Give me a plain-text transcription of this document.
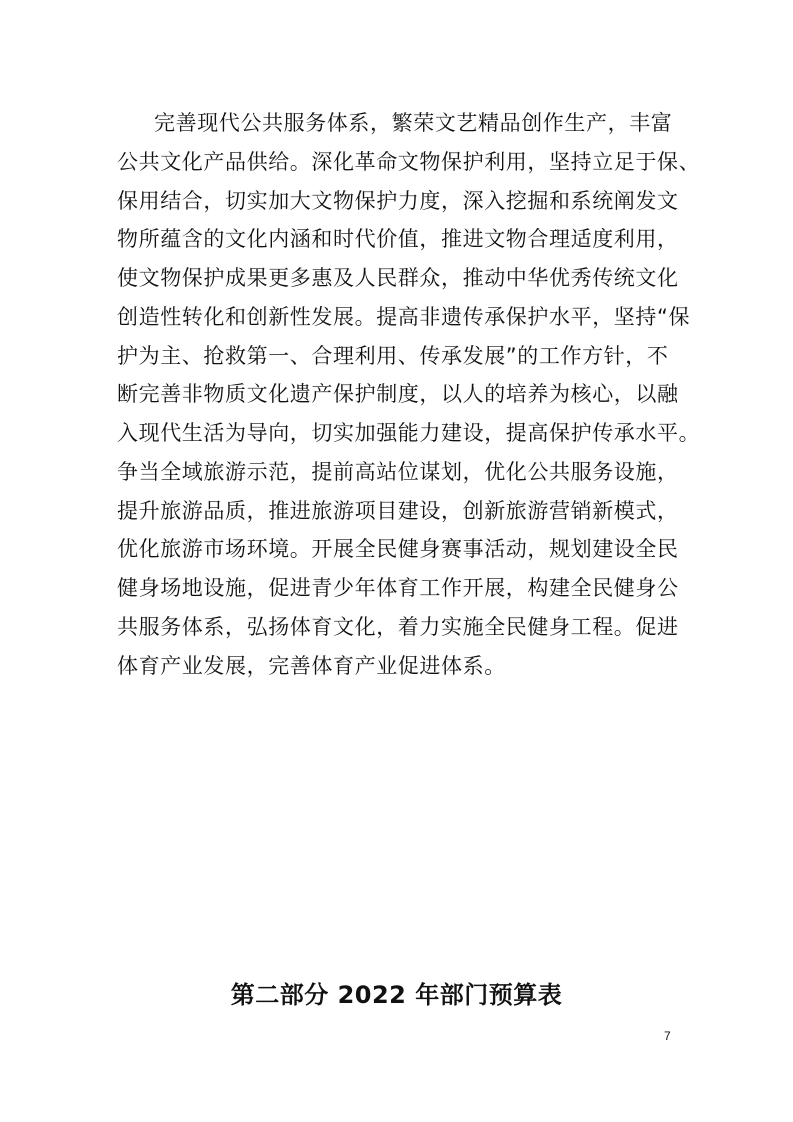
完善现代公共服务体系，繁荣文艺精品创作生产，丰富
公共文化产品供给。深化革命文物保护利用，坚持立足于保、
保用结合，切实加大文物保护力度，深入挖掘和系统阐发文
物所蕴含的文化内涵和时代价值，推进文物合理适度利用，
使文物保护成果更多惠及人民群众，推动中华优秀传统文化
创造性转化和创新性发展。提高非遗传承保护水平，坚持“保
护为主、抢救第一、合理利用、传承发展”的工作方针，不
断完善非物质文化遗产保护制度，以人的培养为核心，以融
入现代生活为导向，切实加强能力建设，提高保护传承水平。
争当全域旅游示范，提前高站位谋划，优化公共服务设施，
提升旅游品质，推进旅游项目建设，创新旅游营销新模式，
优化旅游市场环境。开展全民健身赛事活动，规划建设全民
健身场地设施，促进青少年体育工作开展，构建全民健身公
共服务体系，弘扬体育文化，着力实施全民健身工程。促进
体育产业发展，完善体育产业促进体系。
第二部分 2022 年部门预算表
7
